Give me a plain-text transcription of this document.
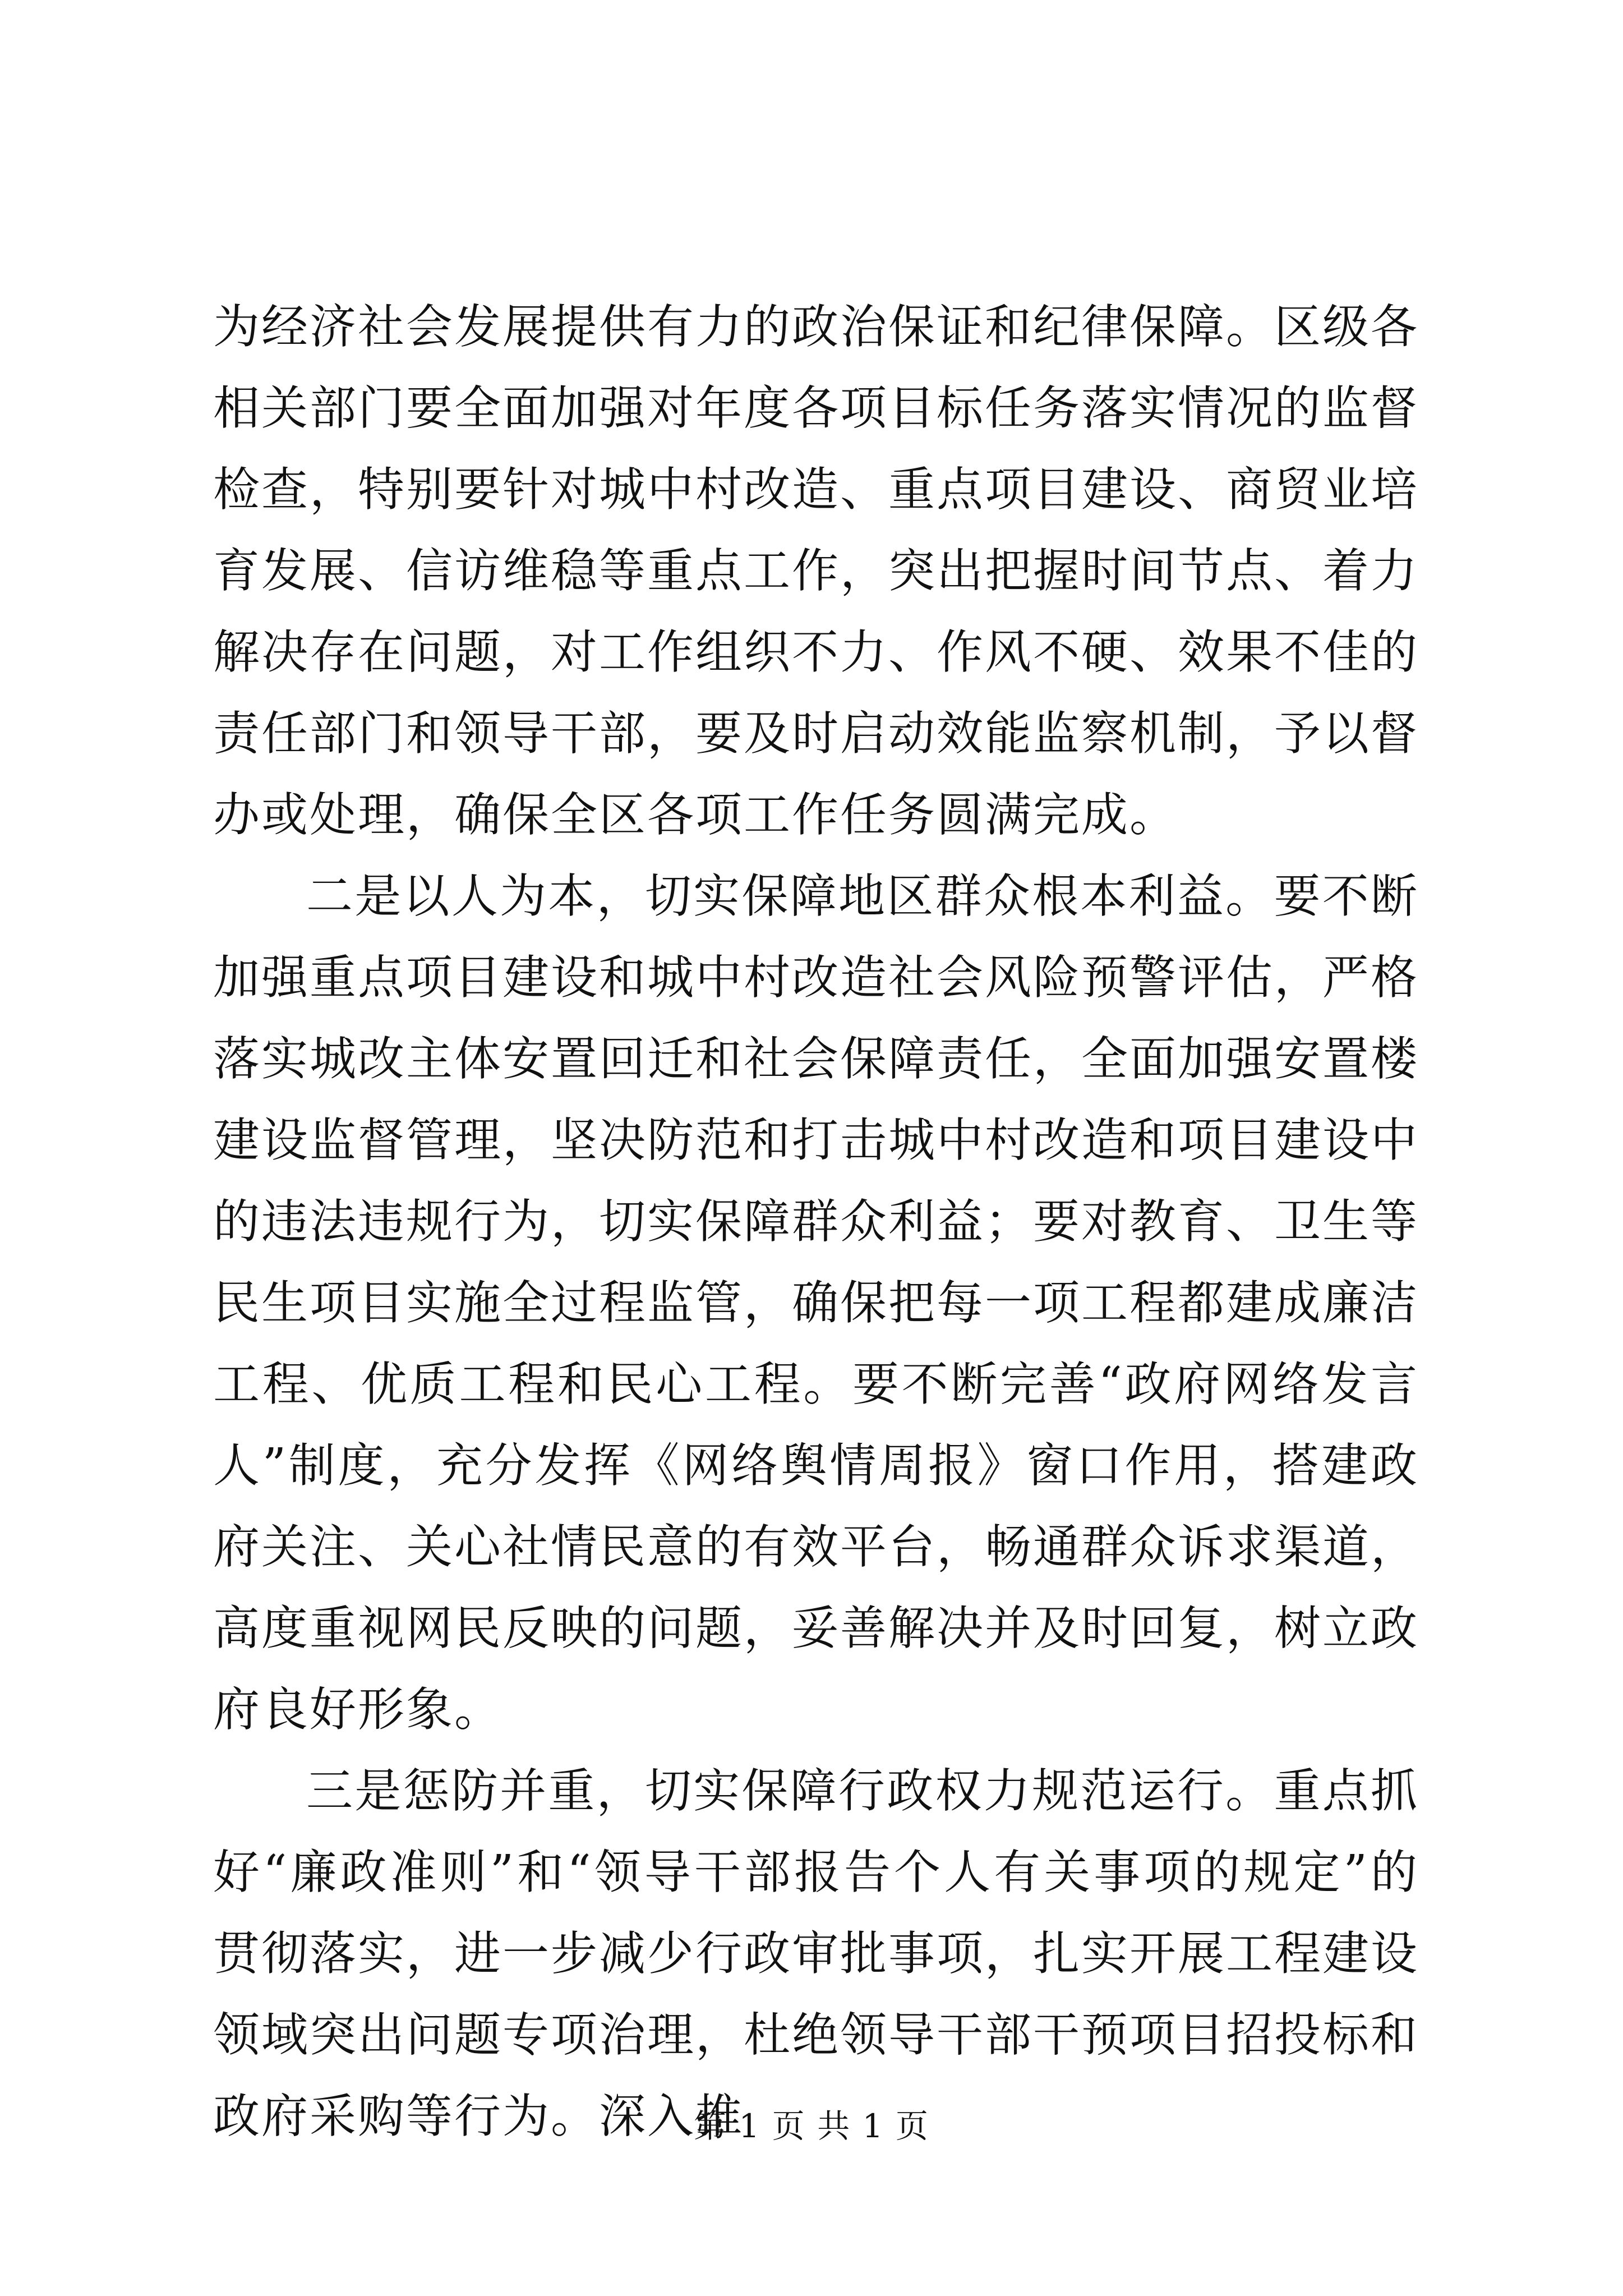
为经济社会发展提供有力的政治保证和纪律保障。区级各相关部门要全面加强对年度各项目标任务落实情况的监督检查，特别要针对城中村改造、重点项目建设、商贸业培育发展、信访维稳等重点工作，突出把握时间节点、着力解决存在问题，对工作组织不力、作风不硬、效果不佳的责任部门和领导干部，要及时启动效能监察机制，予以督办或处理，确保全区各项工作任务圆满完成。

二是以人为本，切实保障地区群众根本利益。要不断加强重点项目建设和城中村改造社会风险预警评估，严格落实城改主体安置回迁和社会保障责任，全面加强安置楼建设监督管理，坚决防范和打击城中村改造和项目建设中的违法违规行为，切实保障群众利益；要对教育、卫生等民生项目实施全过程监管，确保把每一项工程都建成廉洁工程、优质工程和民心工程。要不断完善“政府网络发言人”制度，充分发挥《网络舆情周报》窗口作用，搭建政府关注、关心社情民意的有效平台，畅通群众诉求渠道，高度重视网民反映的问题，妥善解决并及时回复，树立政府良好形象。

三是惩防并重，切实保障行政权力规范运行。重点抓好“廉政准则”和“领导干部报告个人有关事项的规定”的贯彻落实，进一步减少行政审批事项，扎实开展工程建设领域突出问题专项治理，杜绝领导干部干预项目招投标和政府采购等行为。深入推

第 1 页 共 1 页
